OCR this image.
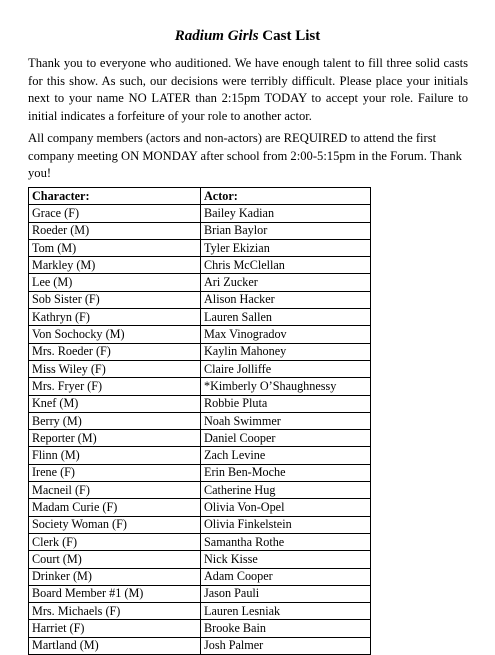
Radium Girls Cast List

Thank you to everyone who auditioned. We have enough talent to fill three solid casts for this show. As such, our decisions were terribly difficult. Please place your initials next to your name NO LATER than 2:15pm TODAY to accept your role. Failure to initial indicates a forfeiture of your role to another actor.

All company members (actors and non-actors) are REQUIRED to attend the first company meeting ON MONDAY after school from 2:00-5:15pm in the Forum. Thank you!

Character:	Actor:
Grace (F)	Bailey Kadian
Roeder (M)	Brian Baylor
Tom (M)	Tyler Ekizian
Markley (M)	Chris McClellan
Lee (M)	Ari Zucker
Sob Sister (F)	Alison Hacker
Kathryn (F)	Lauren Sallen
Von Sochocky (M)	Max Vinogradov
Mrs. Roeder (F)	Kaylin Mahoney
Miss Wiley (F)	Claire Jolliffe
Mrs. Fryer (F)	*Kimberly O’Shaughnessy
Knef (M)	Robbie Pluta
Berry (M)	Noah Swimmer
Reporter (M)	Daniel Cooper
Flinn (M)	Zach Levine
Irene (F)	Erin Ben-Moche
Macneil (F)	Catherine Hug
Madam Curie (F)	Olivia Von-Opel
Society Woman (F)	Olivia Finkelstein
Clerk (F)	Samantha Rothe
Court (M)	Nick Kisse
Drinker (M)	Adam Cooper
Board Member #1 (M)	Jason Pauli
Mrs. Michaels (F)	Lauren Lesniak
Harriet (F)	Brooke Bain
Martland (M)	Josh Palmer
